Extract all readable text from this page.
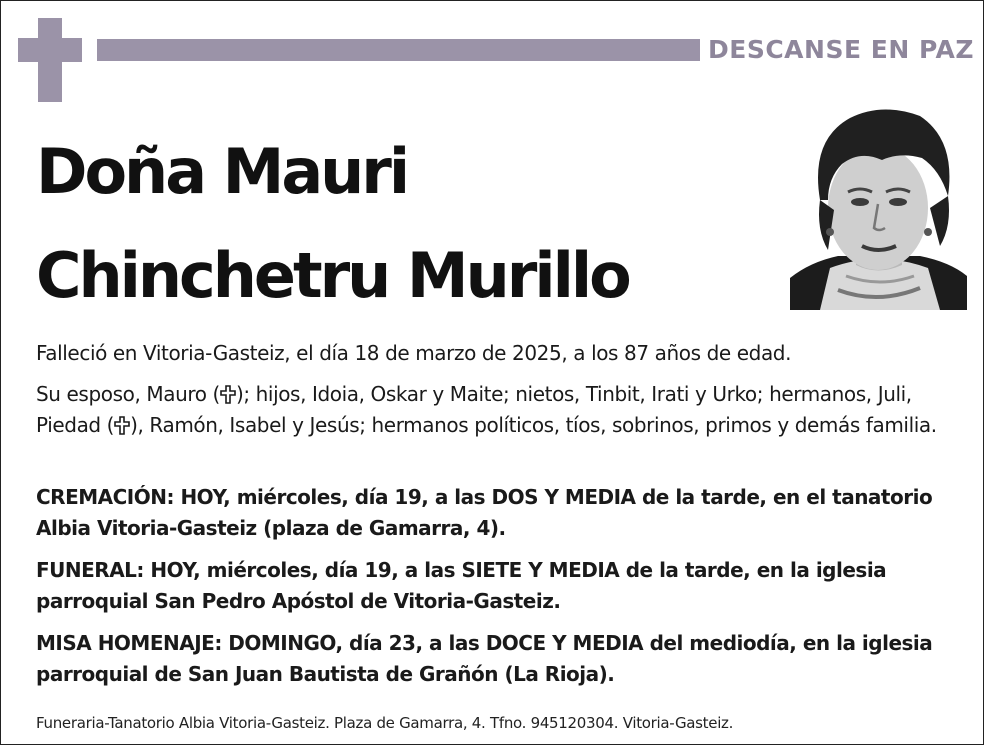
DESCANSE EN PAZ
Doña Mauri
Chinchetru Murillo
Falleció en Vitoria-Gasteiz, el día 18 de marzo de 2025, a los 87 años de edad.
Su esposo, Mauro ( ); hijos, Idoia, Oskar y Maite; nietos, Tinbit, Irati y Urko; hermanos, Juli, Piedad ( ), Ramón, Isabel y Jesús; hermanos políticos, tíos, sobrinos, primos y demás familia.
CREMACIÓN: HOY, miércoles, día 19, a las DOS Y MEDIA de la tarde, en el tanatorio Albia Vitoria-Gasteiz (plaza de Gamarra, 4).
FUNERAL: HOY, miércoles, día 19, a las SIETE Y MEDIA de la tarde, en la iglesia parroquial San Pedro Apóstol de Vitoria-Gasteiz.
MISA HOMENAJE: DOMINGO, día 23, a las DOCE Y MEDIA del mediodía, en la iglesia parroquial de San Juan Bautista de Grañón (La Rioja).
Funeraria-Tanatorio Albia Vitoria-Gasteiz. Plaza de Gamarra, 4. Tfno. 945120304. Vitoria-Gasteiz.
